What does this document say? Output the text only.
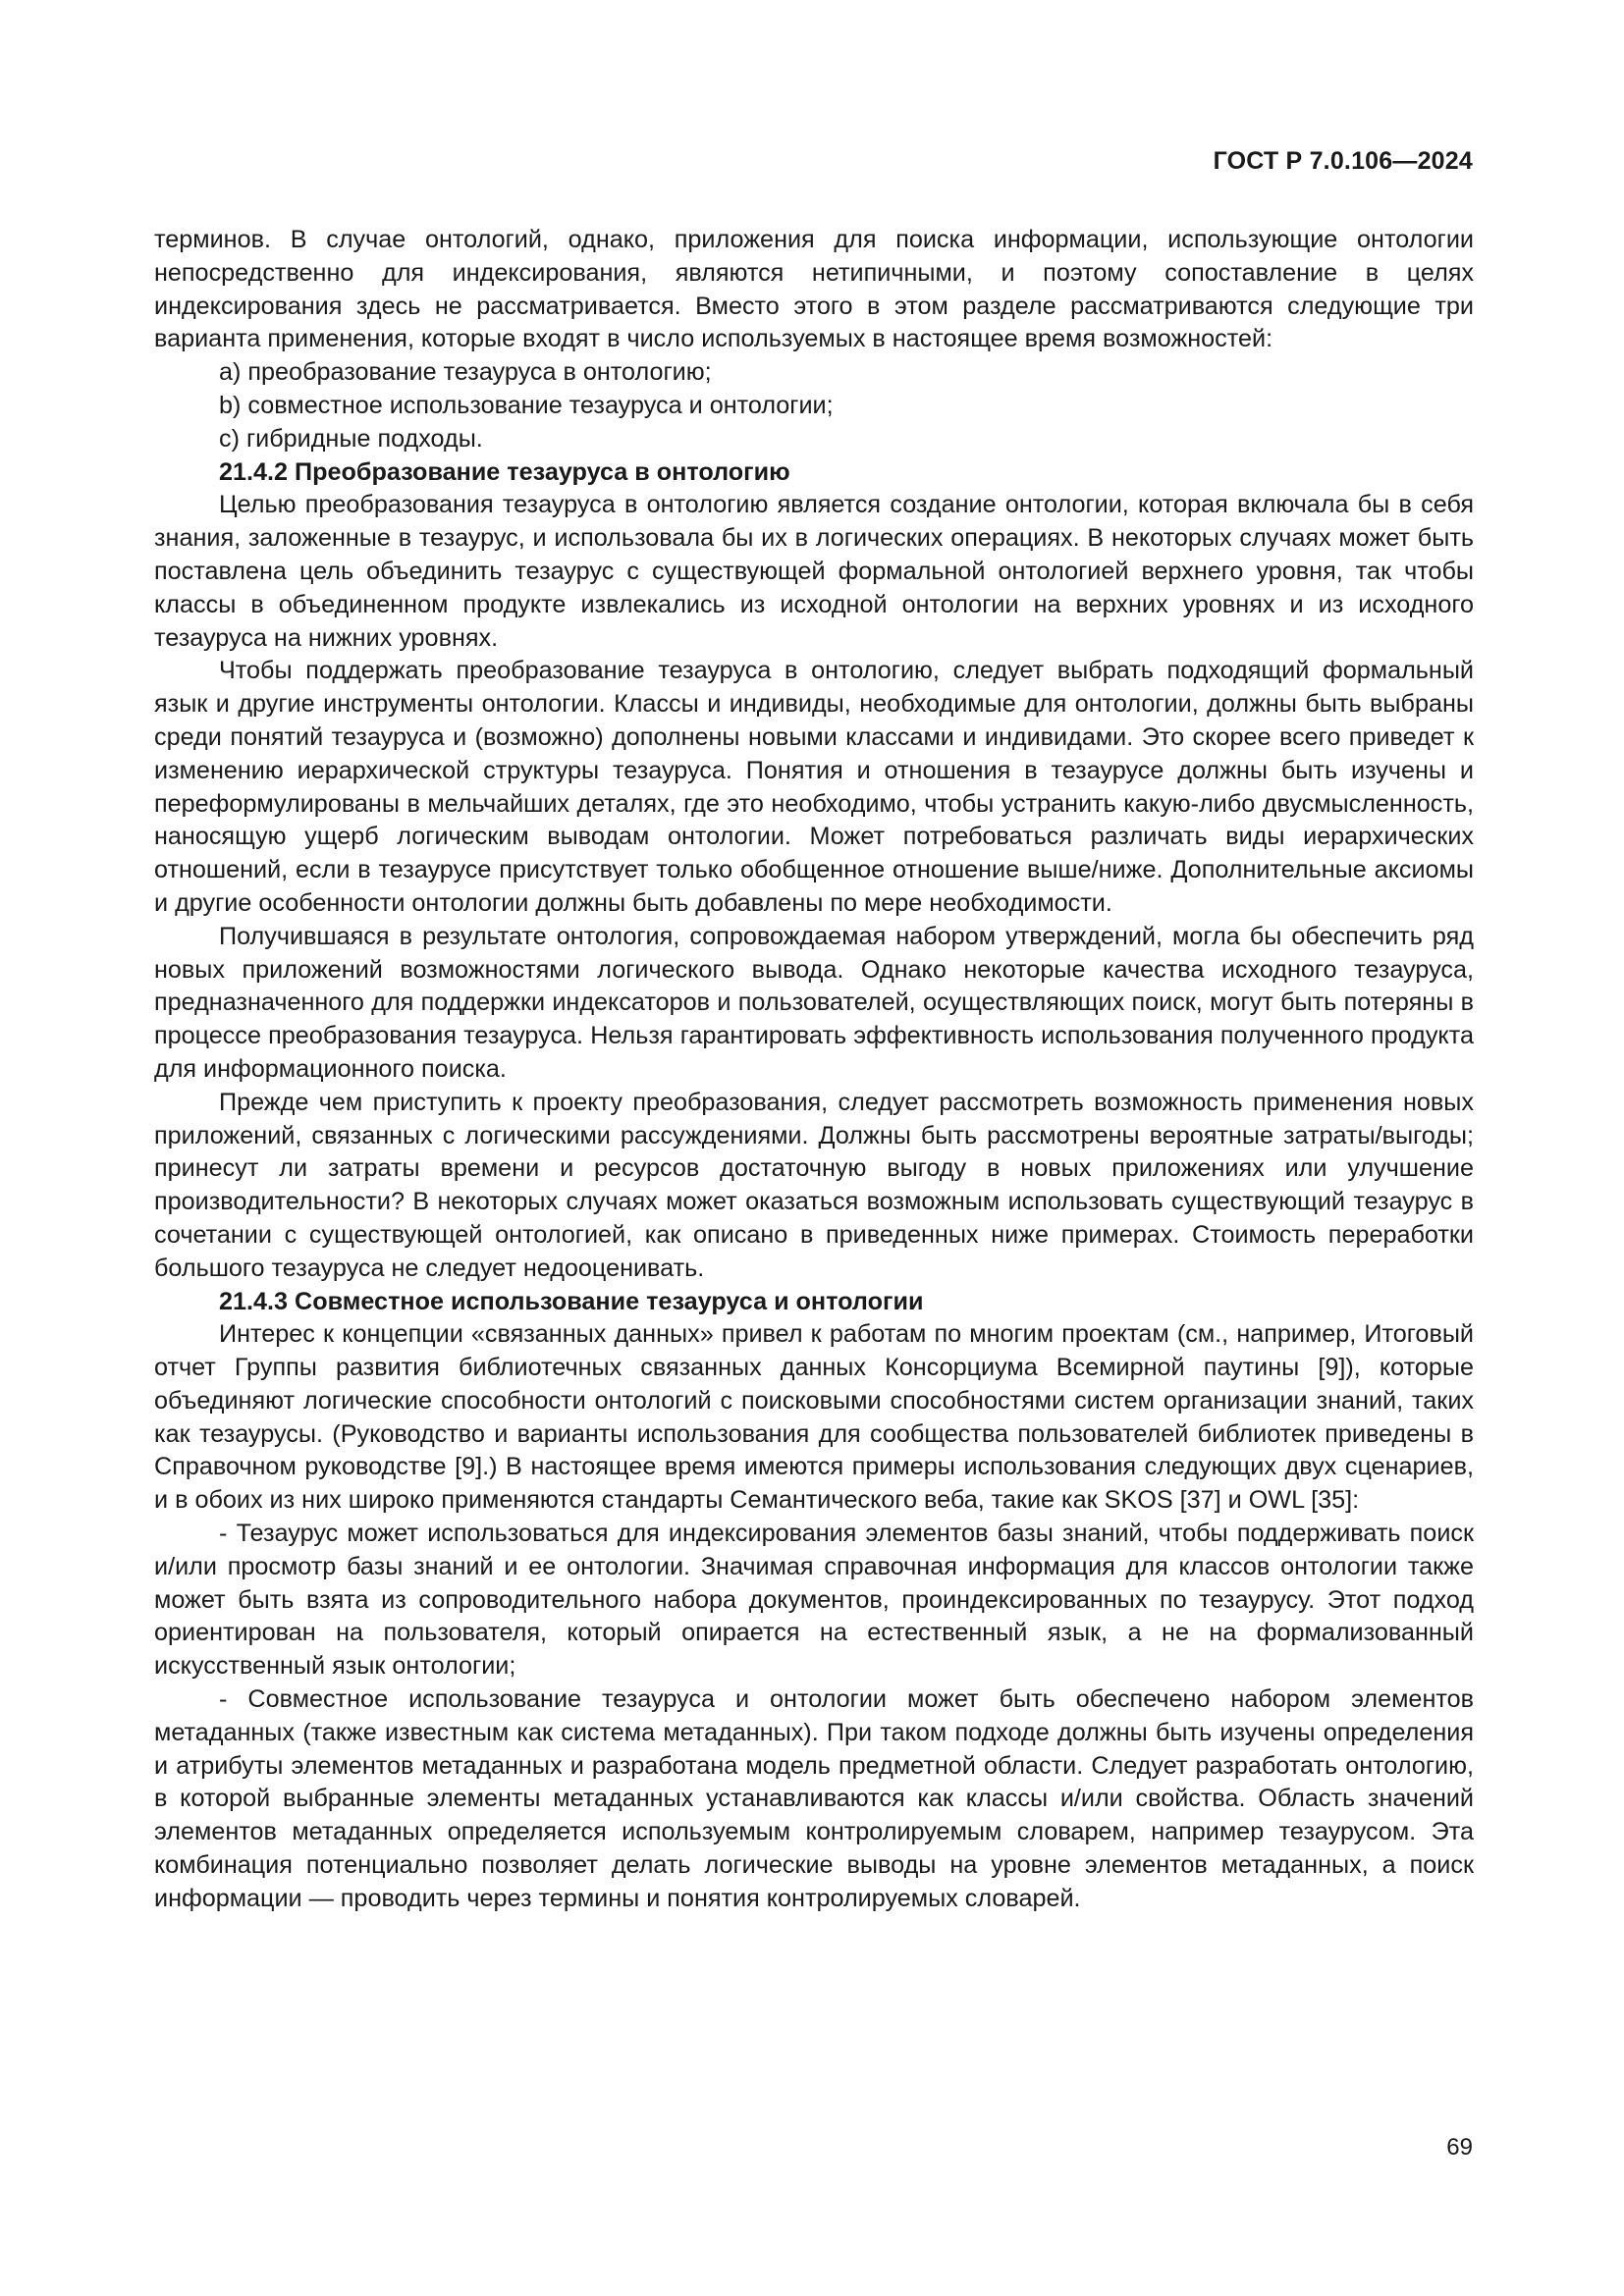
ГОСТ Р 7.0.106—2024

терминов. В случае онтологий, однако, приложения для поиска информации, использующие онтологии непосредственно для индексирования, являются нетипичными, и поэтому сопоставление в целях индексирования здесь не рассматривается. Вместо этого в этом разделе рассматриваются следующие три варианта применения, которые входят в число используемых в настоящее время возможностей:

a) преобразование тезауруса в онтологию;

b) совместное использование тезауруса и онтологии;

c) гибридные подходы.

21.4.2 Преобразование тезауруса в онтологию

Целью преобразования тезауруса в онтологию является создание онтологии, которая включала бы в себя знания, заложенные в тезаурус, и использовала бы их в логических операциях. В некоторых случаях может быть поставлена цель объединить тезаурус с существующей формальной онтологией верхнего уровня, так чтобы классы в объединенном продукте извлекались из исходной онтологии на верхних уровнях и из исходного тезауруса на нижних уровнях.

Чтобы поддержать преобразование тезауруса в онтологию, следует выбрать подходящий формальный язык и другие инструменты онтологии. Классы и индивиды, необходимые для онтологии, должны быть выбраны среди понятий тезауруса и (возможно) дополнены новыми классами и индивидами. Это скорее всего приведет к изменению иерархической структуры тезауруса. Понятия и отношения в тезаурусе должны быть изучены и переформулированы в мельчайших деталях, где это необходимо, чтобы устранить какую-либо двусмысленность, наносящую ущерб логическим выводам онтологии. Может потребоваться различать виды иерархических отношений, если в тезаурусе присутствует только обобщенное отношение выше/ниже. Дополнительные аксиомы и другие особенности онтологии должны быть добавлены по мере необходимости.

Получившаяся в результате онтология, сопровождаемая набором утверждений, могла бы обеспечить ряд новых приложений возможностями логического вывода. Однако некоторые качества исходного тезауруса, предназначенного для поддержки индексаторов и пользователей, осуществляющих поиск, могут быть потеряны в процессе преобразования тезауруса. Нельзя гарантировать эффективность использования полученного продукта для информационного поиска.

Прежде чем приступить к проекту преобразования, следует рассмотреть возможность применения новых приложений, связанных с логическими рассуждениями. Должны быть рассмотрены вероятные затраты/выгоды; принесут ли затраты времени и ресурсов достаточную выгоду в новых приложениях или улучшение производительности? В некоторых случаях может оказаться возможным использовать существующий тезаурус в сочетании с существующей онтологией, как описано в приведенных ниже примерах. Стоимость переработки большого тезауруса не следует недооценивать.

21.4.3 Совместное использование тезауруса и онтологии

Интерес к концепции «связанных данных» привел к работам по многим проектам (см., например, Итоговый отчет Группы развития библиотечных связанных данных Консорциума Всемирной паутины [9]), которые объединяют логические способности онтологий с поисковыми способностями систем организации знаний, таких как тезаурусы. (Руководство и варианты использования для сообщества пользователей библиотек приведены в Справочном руководстве [9].) В настоящее время имеются примеры использования следующих двух сценариев, и в обоих из них широко применяются стандарты Семантического веба, такие как SKOS [37] и OWL [35]:

- Тезаурус может использоваться для индексирования элементов базы знаний, чтобы поддерживать поиск и/или просмотр базы знаний и ее онтологии. Значимая справочная информация для классов онтологии также может быть взята из сопроводительного набора документов, проиндексированных по тезаурусу. Этот подход ориентирован на пользователя, который опирается на естественный язык, а не на формализованный искусственный язык онтологии;

- Совместное использование тезауруса и онтологии может быть обеспечено набором элементов метаданных (также известным как система метаданных). При таком подходе должны быть изучены определения и атрибуты элементов метаданных и разработана модель предметной области. Следует разработать онтологию, в которой выбранные элементы метаданных устанавливаются как классы и/или свойства. Область значений элементов метаданных определяется используемым контролируемым словарем, например тезаурусом. Эта комбинация потенциально позволяет делать логические выводы на уровне элементов метаданных, а поиск информации — проводить через термины и понятия контролируемых словарей.

69
